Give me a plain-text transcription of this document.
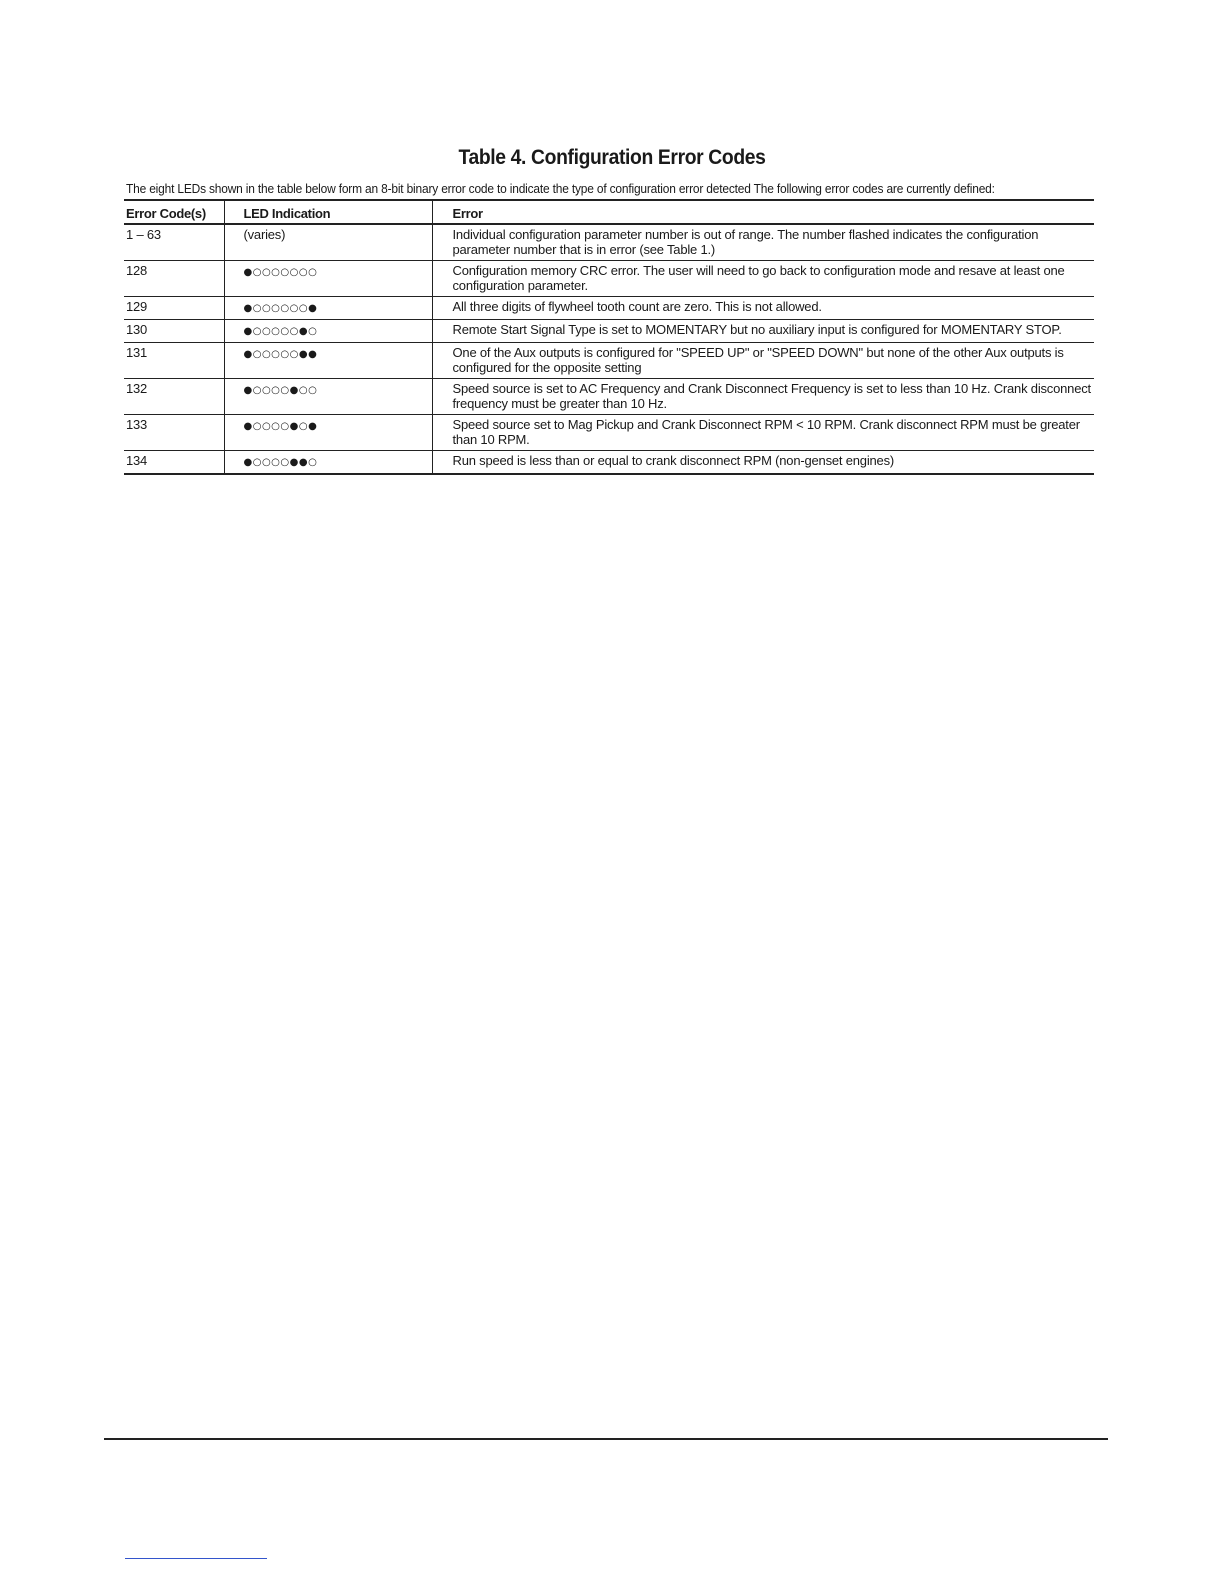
Table 4. Configuration Error Codes
The eight LEDs shown in the table below form an 8-bit binary error code to indicate the type of configuration error detected The following error codes are currently defined:
Error Code(s)	LED Indication	Error
1 – 63	(varies)	Individual configuration parameter number is out of range. The number flashed indicates the configuration parameter number that is in error (see Table 1.)
128	●○○○○○○○	Configuration memory CRC error. The user will need to go back to configuration mode and resave at least one configuration parameter.
129	●○○○○○○●	All three digits of flywheel tooth count are zero. This is not allowed.
130	●○○○○○●○	Remote Start Signal Type is set to MOMENTARY but no auxiliary input is configured for MOMENTARY STOP.
131	●○○○○○●●	One of the Aux outputs is configured for "SPEED UP" or "SPEED DOWN" but none of the other Aux outputs is configured for the opposite setting
132	●○○○○●○○	Speed source is set to AC Frequency and Crank Disconnect Frequency is set to less than 10 Hz. Crank disconnect frequency must be greater than 10 Hz.
133	●○○○○●○●	Speed source set to Mag Pickup and Crank Disconnect RPM < 10 RPM. Crank disconnect RPM must be greater than 10 RPM.
134	●○○○○●●○	Run speed is less than or equal to crank disconnect RPM (non-genset engines)
